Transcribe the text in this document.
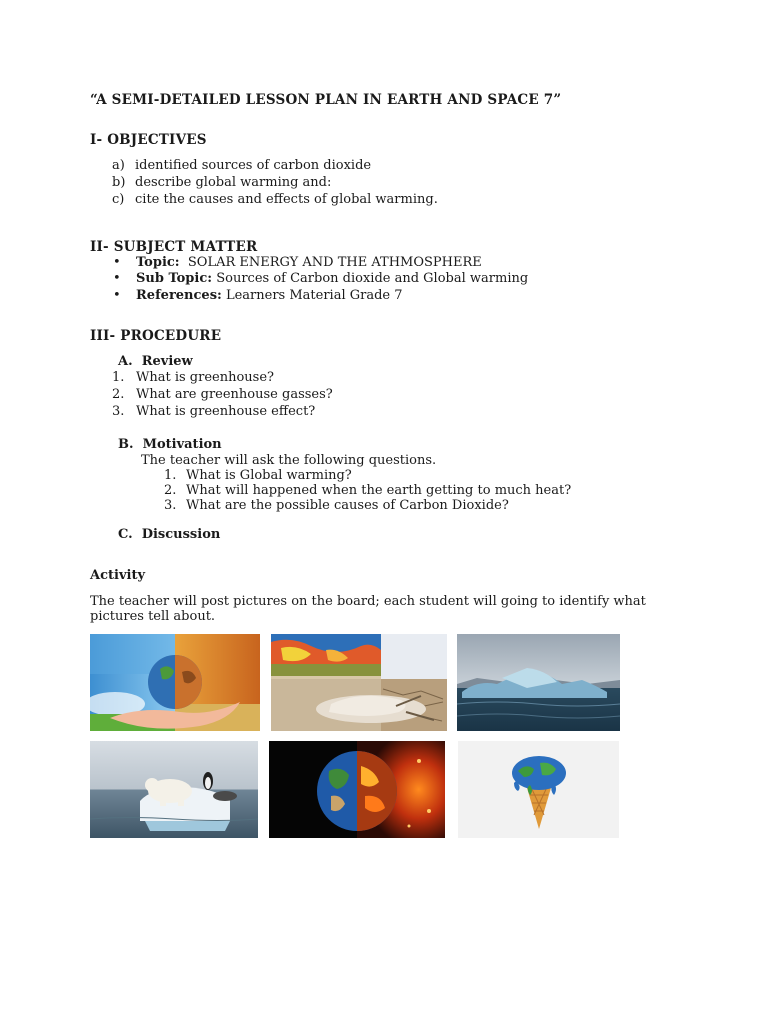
“A SEMI-DETAILED LESSON PLAN IN EARTH AND SPACE 7”
I- OBJECTIVES
a) identified sources of carbon dioxide
b) describe global warming and:
c) cite the causes and effects of global warming.
II- SUBJECT MATTER
• Topic: SOLAR ENERGY AND THE ATHMOSPHERE
• Sub Topic: Sources of Carbon dioxide and Global warming
• References: Learners Material Grade 7
III- PROCEDURE
A. Review
1. What is greenhouse?
2. What are greenhouse gasses?
3. What is greenhouse effect?
B. Motivation
The teacher will ask the following questions.
1. What is Global warming?
2. What will happened when the earth getting to much heat?
3. What are the possible causes of Carbon Dioxide?
C. Discussion
Activity
The teacher will post pictures on the board; each student will going to identify what
pictures tell about.
